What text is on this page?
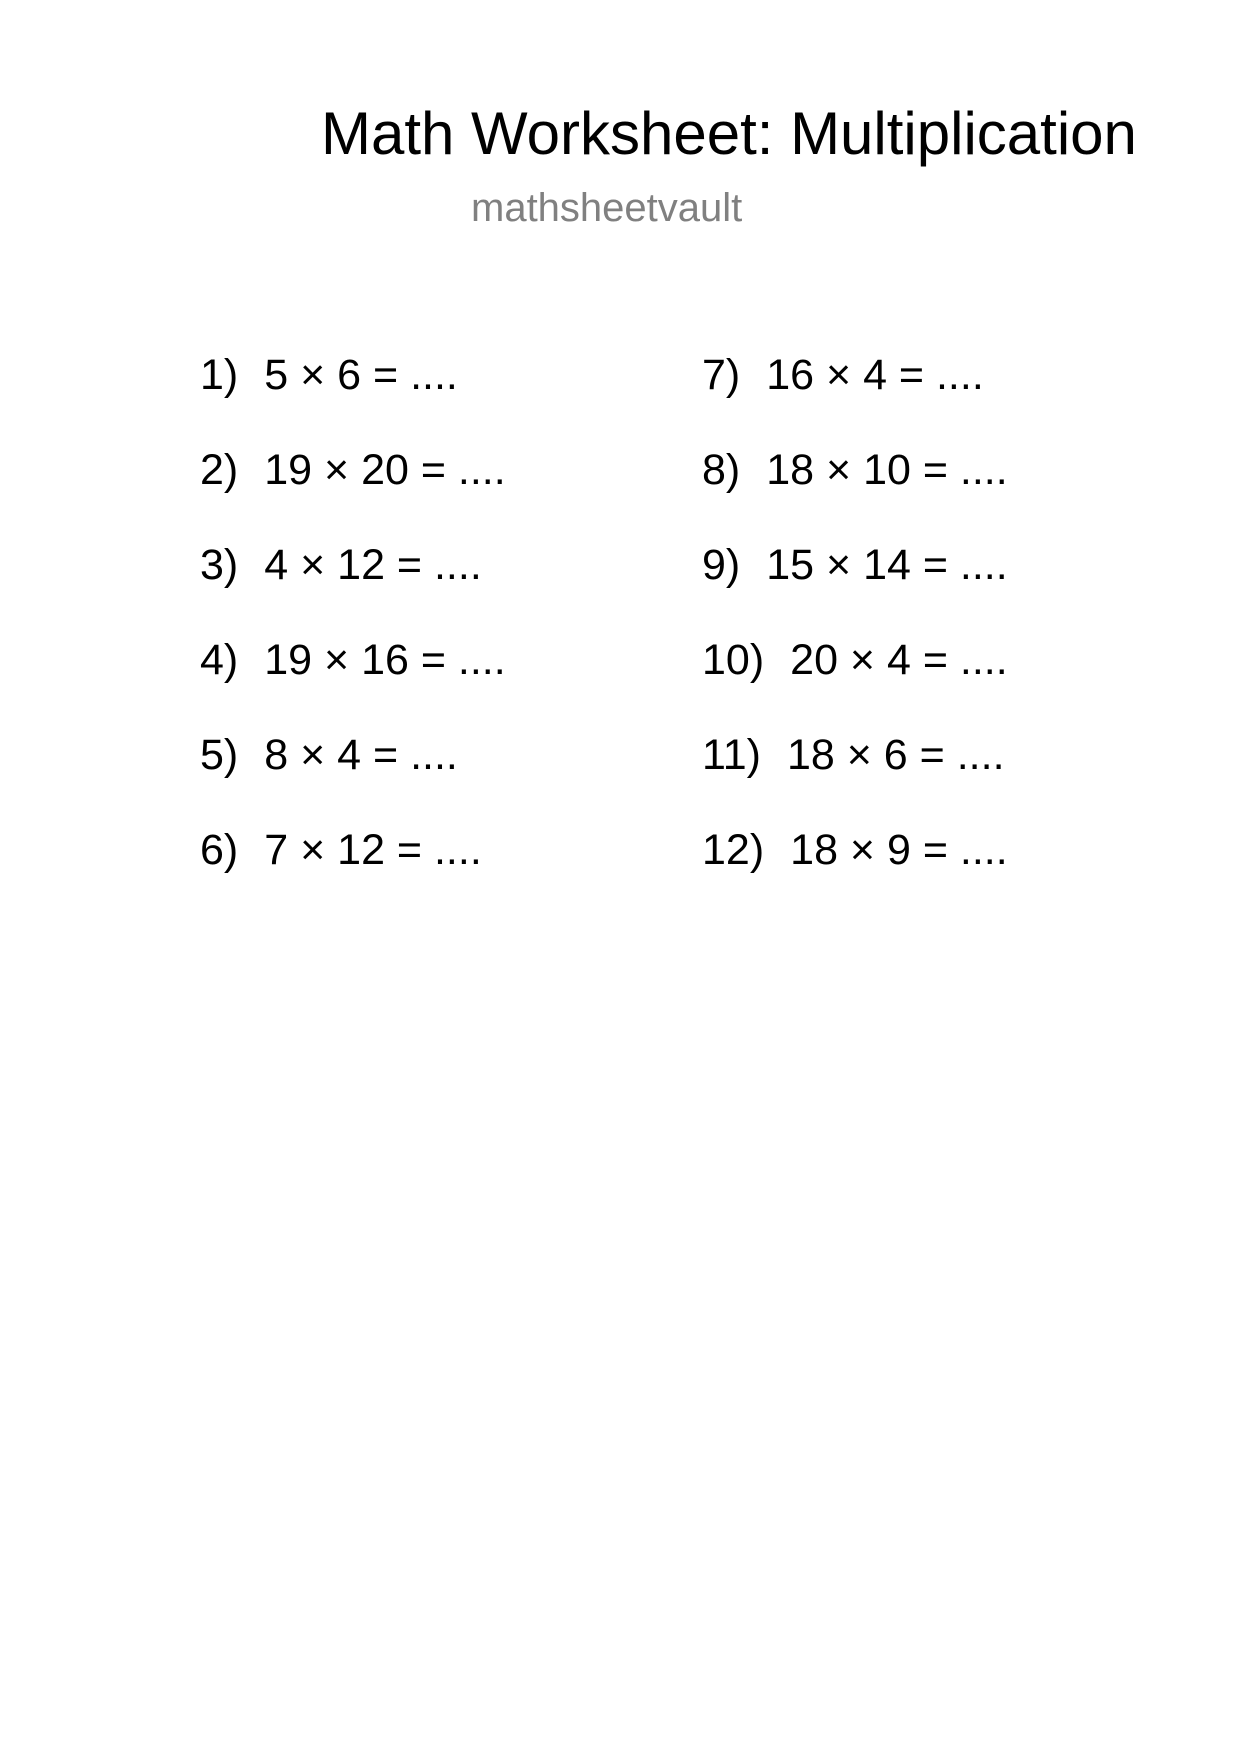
Math Worksheet: Multiplication
mathsheetvault
1) 5 × 6 = ....
2) 19 × 20 = ....
3) 4 × 12 = ....
4) 19 × 16 = ....
5) 8 × 4 = ....
6) 7 × 12 = ....
7) 16 × 4 = ....
8) 18 × 10 = ....
9) 15 × 14 = ....
10) 20 × 4 = ....
11) 18 × 6 = ....
12) 18 × 9 = ....
